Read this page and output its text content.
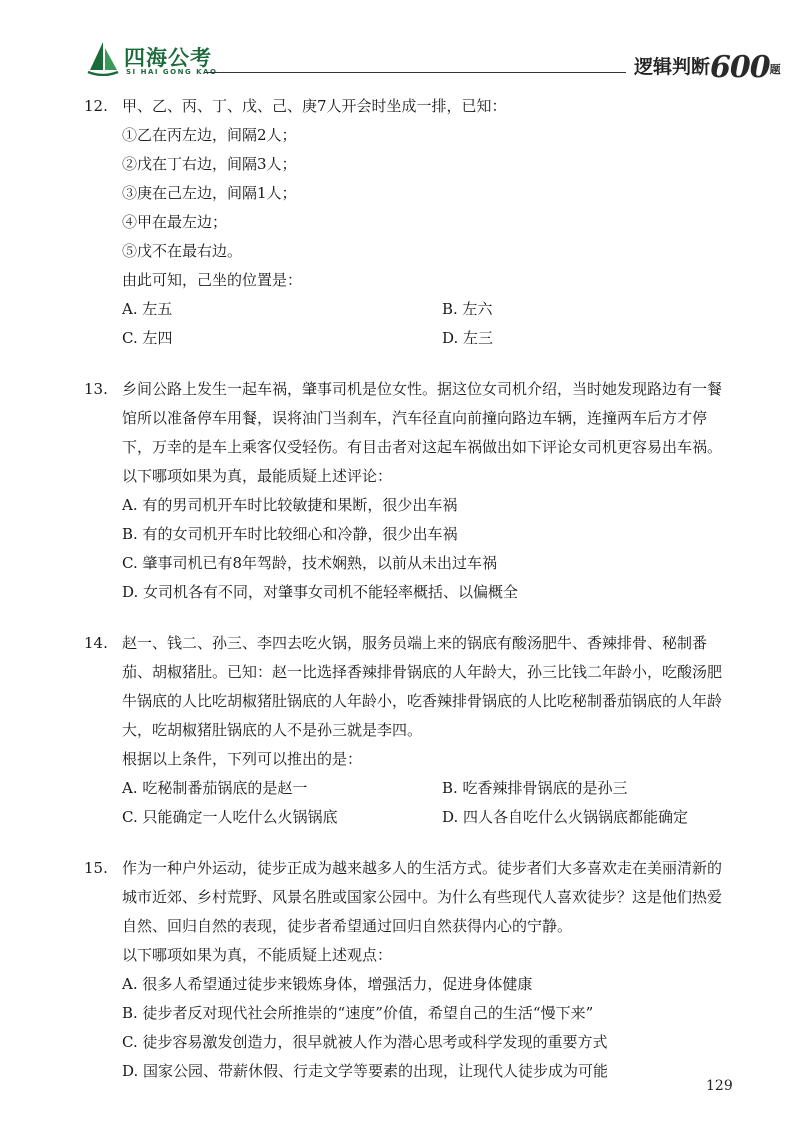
四海公考
SI HAI GONG KAO	逻辑判断600题
12. 甲、乙、丙、丁、戊、己、庚7人开会时坐成一排，已知：

①乙在丙左边，间隔2人；

②戊在丁右边，间隔3人；

③庚在己左边，间隔1人；

④甲在最左边；

⑤戊不在最右边。

由此可知，己坐的位置是：

A. 左五	B. 左六
C. 左四	D. 左三
13. 乡间公路上发生一起车祸，肇事司机是位女性。据这位女司机介绍，当时她发现路边有一餐馆所以准备停车用餐，误将油门当刹车，汽车径直向前撞向路边车辆，连撞两车后方才停下，万幸的是车上乘客仅受轻伤。有目击者对这起车祸做出如下评论女司机更容易出车祸。

以下哪项如果为真，最能质疑上述评论：

A. 有的男司机开车时比较敏捷和果断，很少出车祸
B. 有的女司机开车时比较细心和冷静，很少出车祸
C. 肇事司机已有8年驾龄，技术娴熟，以前从未出过车祸
D. 女司机各有不同，对肇事女司机不能轻率概括、以偏概全
14. 赵一、钱二、孙三、李四去吃火锅，服务员端上来的锅底有酸汤肥牛、香辣排骨、秘制番茄、胡椒猪肚。已知：赵一比选择香辣排骨锅底的人年龄大，孙三比钱二年龄小，吃酸汤肥牛锅底的人比吃胡椒猪肚锅底的人年龄小，吃香辣排骨锅底的人比吃秘制番茄锅底的人年龄大，吃胡椒猪肚锅底的人不是孙三就是李四。

根据以上条件，下列可以推出的是：

A. 吃秘制番茄锅底的是赵一	B. 吃香辣排骨锅底的是孙三
C. 只能确定一人吃什么火锅锅底	D. 四人各自吃什么火锅锅底都能确定
15. 作为一种户外运动，徒步正成为越来越多人的生活方式。徒步者们大多喜欢走在美丽清新的城市近郊、乡村荒野、风景名胜或国家公园中。为什么有些现代人喜欢徒步？这是他们热爱自然、回归自然的表现，徒步者希望通过回归自然获得内心的宁静。

以下哪项如果为真，不能质疑上述观点：

A. 很多人希望通过徒步来锻炼身体，增强活力，促进身体健康
B. 徒步者反对现代社会所推崇的“速度”价值，希望自己的生活“慢下来”
C. 徒步容易激发创造力，很早就被人作为潜心思考或科学发现的重要方式
D. 国家公园、带薪休假、行走文学等要素的出现，让现代人徒步成为可能
129
